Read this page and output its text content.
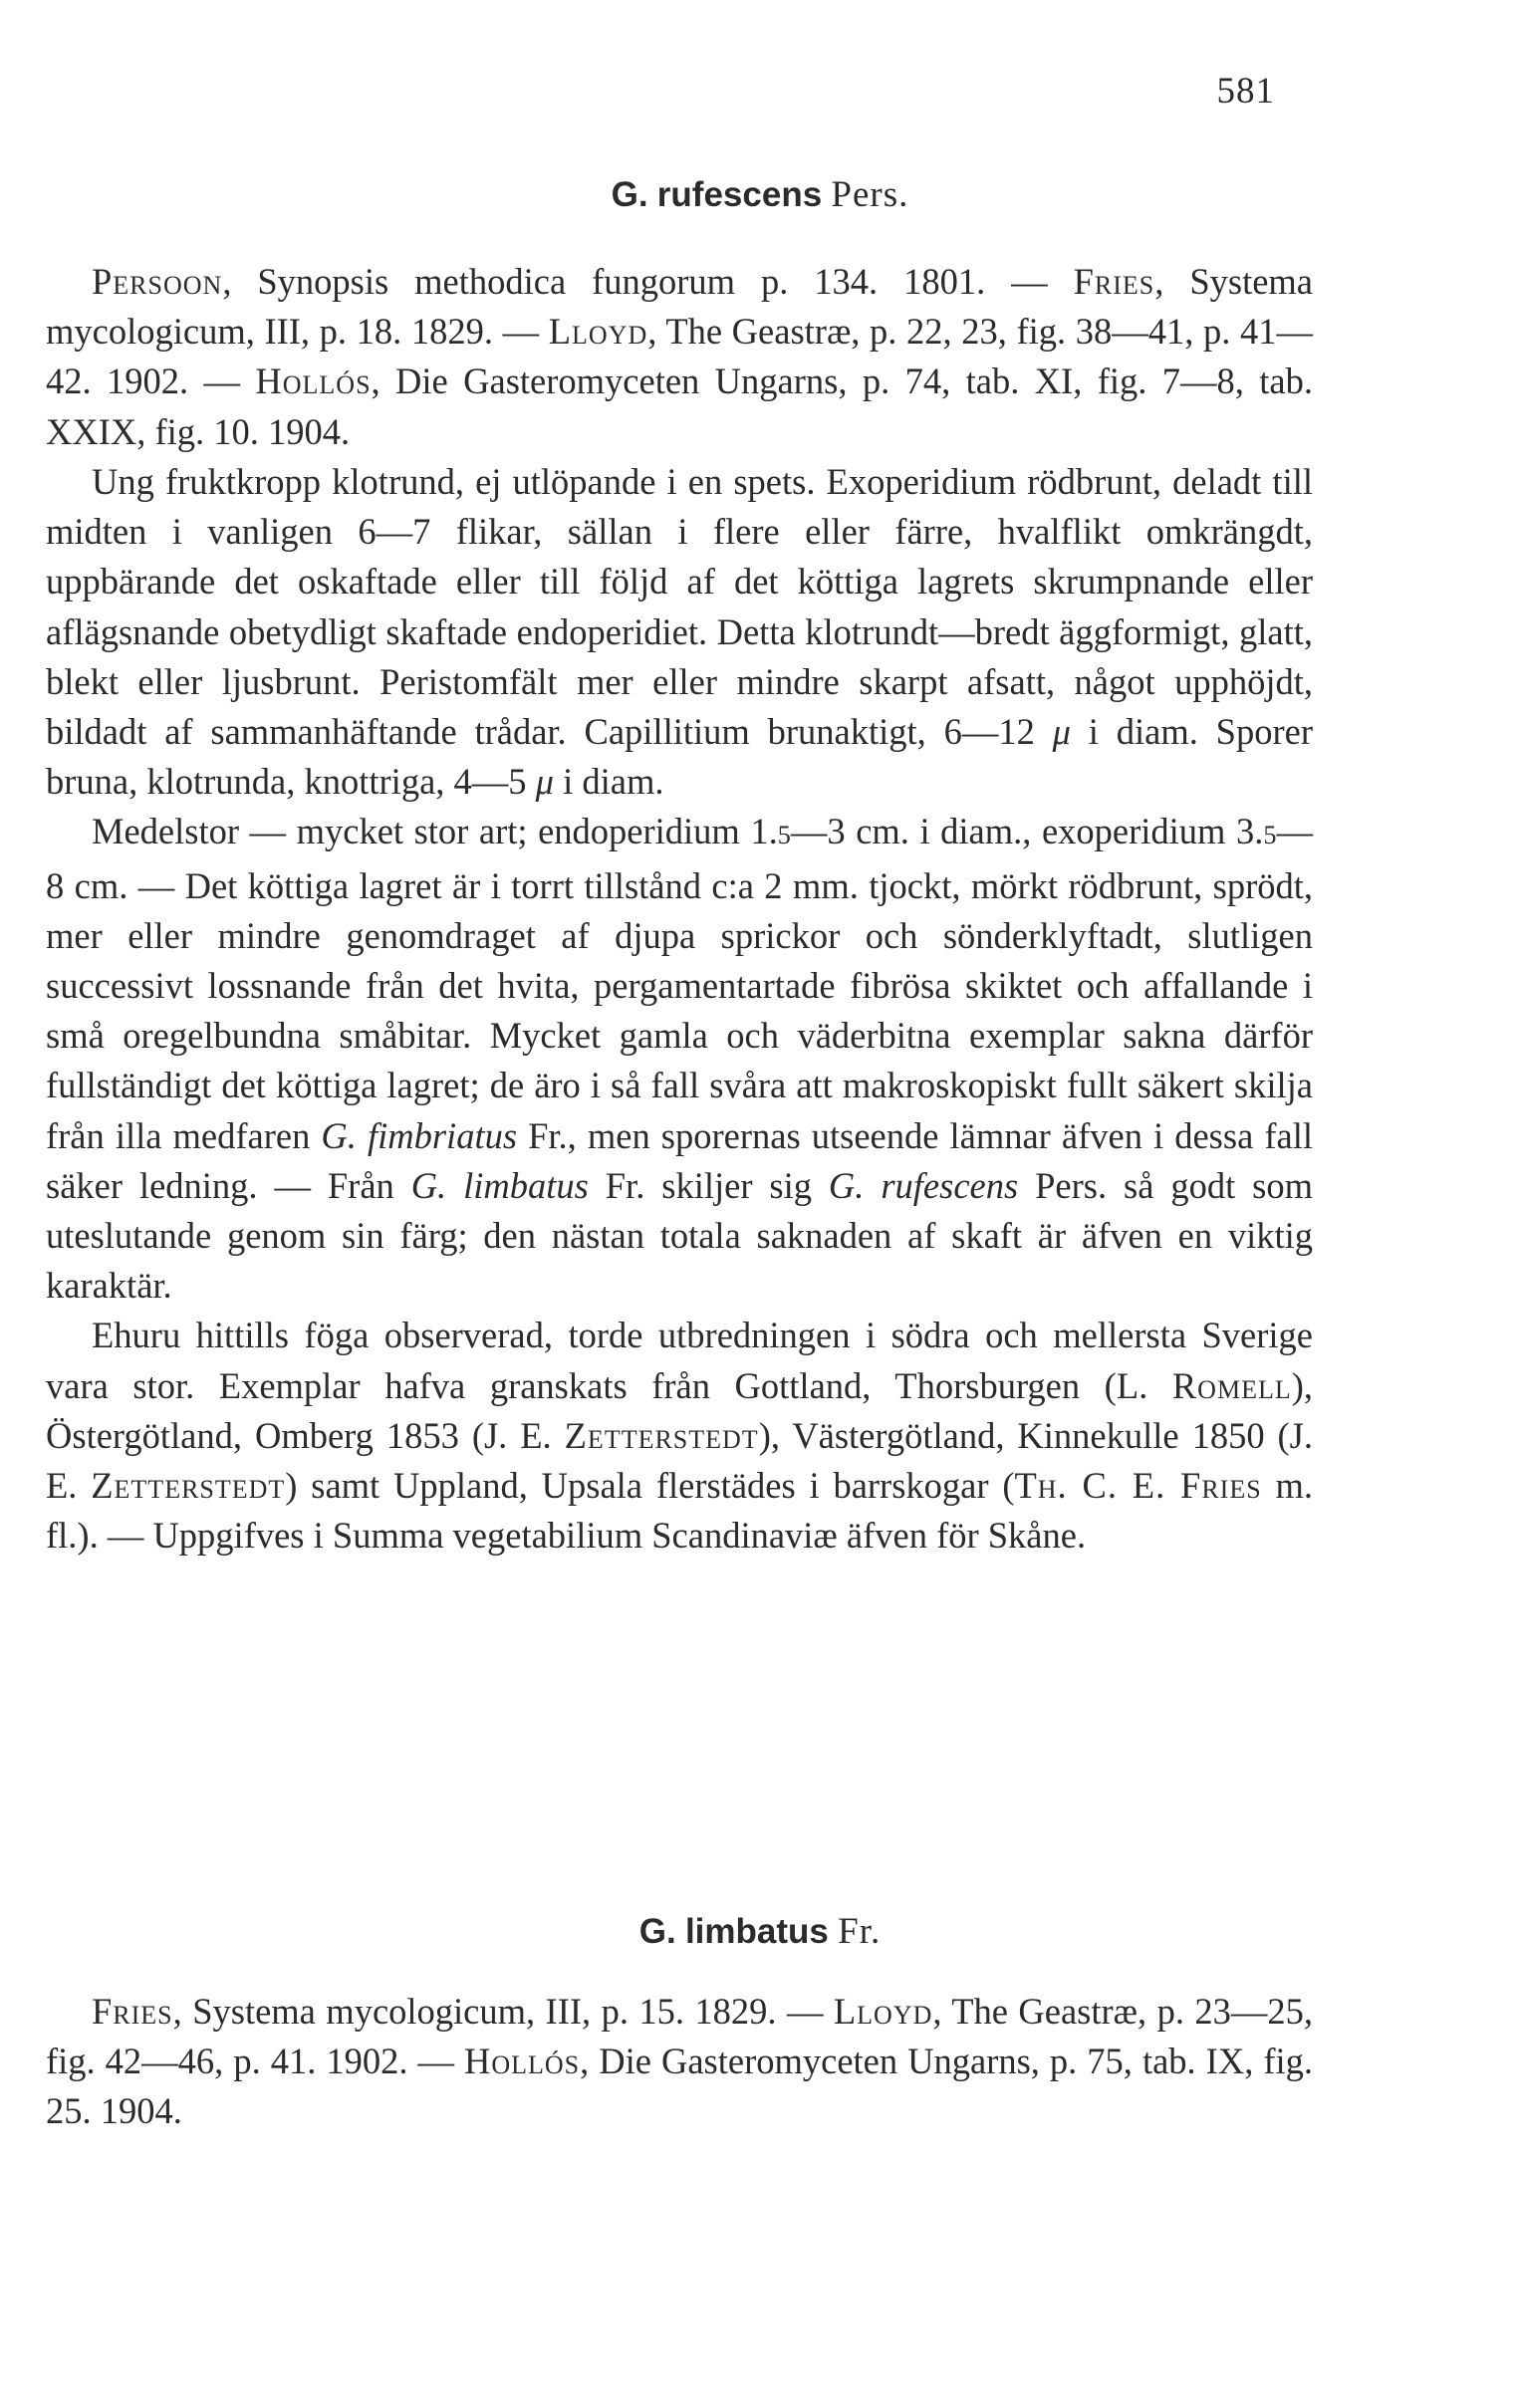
581
G. rufescens Pers.

Persoon, Synopsis methodica fungorum p. 134. 1801. — Fries, Systema mycologicum, III, p. 18. 1829. — Lloyd, The Geastræ, p. 22, 23, fig. 38—41, p. 41—42. 1902. — Hollós, Die Gasteromyceten Ungarns, p. 74, tab. XI, fig. 7—8, tab. XXIX, fig. 10. 1904.

Ung fruktkropp klotrund, ej utlöpande i en spets. Exoperidium rödbrunt, deladt till midten i vanligen 6—7 flikar, sällan i flere eller färre, hvalflikt omkrängdt, uppbärande det oskaftade eller till följd af det köttiga lagrets skrumpnande eller aflägsnande obetydligt skaftade endoperidiet. Detta klotrundt—bredt äggformigt, glatt, blekt eller ljusbrunt. Peristomfält mer eller mindre skarpt afsatt, något upphöjdt, bildadt af sammanhäftande trådar. Capillitium brunaktigt, 6—12 μ i diam. Sporer bruna, klotrunda, knottriga, 4—5 μ i diam.

Medelstor — mycket stor art; endoperidium 1.5—3 cm. i diam., exoperidium 3.5—8 cm. — Det köttiga lagret är i torrt tillstånd c:a 2 mm. tjockt, mörkt rödbrunt, sprödt, mer eller mindre genomdraget af djupa sprickor och sönderklyftadt, slutligen successivt lossnande från det hvita, pergamentartade fibrösa skiktet och affallande i små oregelbundna småbitar. Mycket gamla och väderbitna exemplar sakna därför fullständigt det köttiga lagret; de äro i så fall svåra att makroskopiskt fullt säkert skilja från illa medfaren G. fimbriatus Fr., men sporernas utseende lämnar äfven i dessa fall säker ledning. — Från G. limbatus Fr. skiljer sig G. rufescens Pers. så godt som uteslutande genom sin färg; den nästan totala saknaden af skaft är äfven en viktig karaktär.

Ehuru hittills föga observerad, torde utbredningen i södra och mellersta Sverige vara stor. Exemplar hafva granskats från Gottland, Thorsburgen (L. Romell), Östergötland, Omberg 1853 (J. E. Zetterstedt), Västergötland, Kinnekulle 1850 (J. E. Zetterstedt) samt Uppland, Upsala flerstädes i barrskogar (Th. C. E. Fries m. fl.). — Uppgifves i Summa vegetabilium Scandinaviæ äfven för Skåne.

G. limbatus Fr.

Fries, Systema mycologicum, III, p. 15. 1829. — Lloyd, The Geastræ, p. 23—25, fig. 42—46, p. 41. 1902. — Hollós, Die Gasteromyceten Ungarns, p. 75, tab. IX, fig. 25. 1904.
